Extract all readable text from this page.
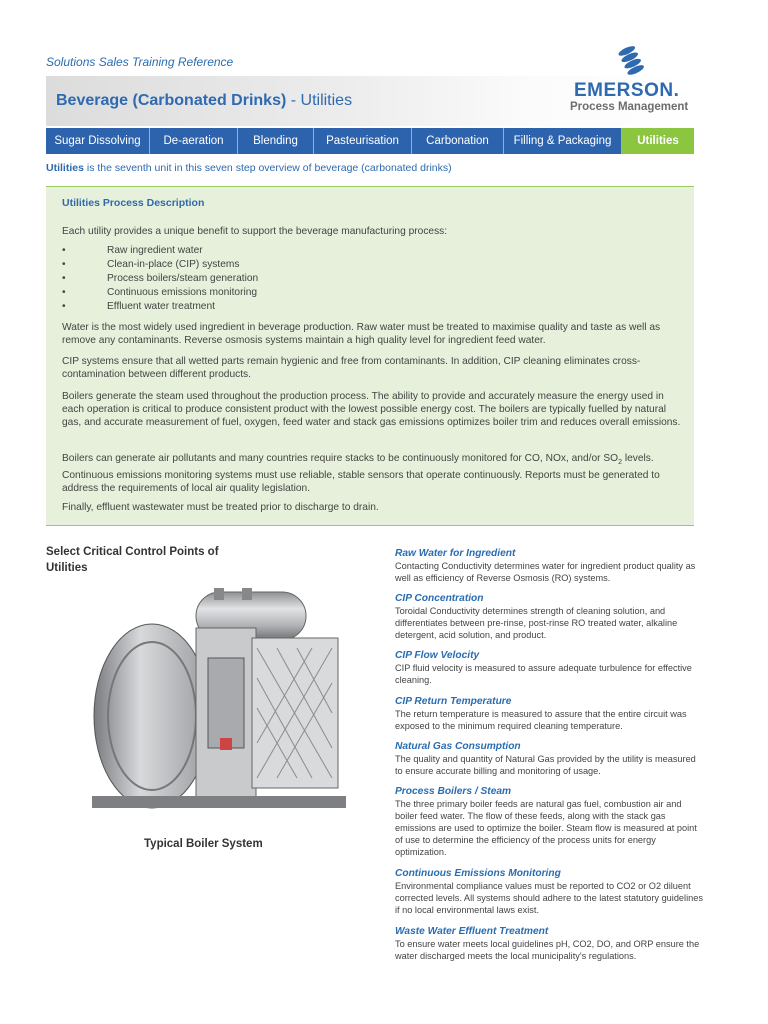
Solutions Sales Training Reference
Beverage (Carbonated Drinks) - Utilities	EMERSON.
Process Management
Sugar Dissolving	De-aeration	Blending	Pasteurisation	Carbonation	Filling & Packaging	Utilities
Utilities is the seventh unit in this seven step overview of beverage (carbonated drinks)
Utilities Process Description
Each utility provides a unique benefit to support the beverage manufacturing process:
•	Raw ingredient water
•	Clean-in-place (CIP) systems
•	Process boilers/steam generation
•	Continuous emissions monitoring
•	Effluent water treatment
Water is the most widely used ingredient in beverage production. Raw water must be treated to maximise quality and taste as well as remove any contaminants. Reverse osmosis systems maintain a high quality level for ingredient feed water.
CIP systems ensure that all wetted parts remain hygienic and free from contaminants. In addition, CIP cleaning eliminates cross-contamination between different products.
Boilers generate the steam used throughout the production process. The ability to provide and accurately measure the energy used in each operation is critical to produce consistent product with the lowest possible energy cost. The boilers are typically fuelled by natural gas, and accurate measurement of fuel, oxygen, feed water and stack gas emissions optimizes boiler trim and reduces overall emissions.
Boilers can generate air pollutants and many countries require stacks to be continuously monitored for CO, NOx, and/or $SO_2$ levels. Continuous emissions monitoring systems must use reliable, stable sensors that operate continuously. Reports must be generated to address the requirements of local air quality legislation.
Finally, effluent wastewater must be treated prior to discharge to drain.
Select Critical Control Points of Utilities
Typical Boiler System
Raw Water for Ingredient

Contacting Conductivity determines water for ingredient product quality as well as efficiency of Reverse Osmosis (RO) systems.

CIP Concentration

Toroidal Conductivity determines strength of cleaning solution, and differentiates between pre-rinse, post-rinse RO treated water, alkaline detergent, acid solution, and product.

CIP Flow Velocity

CIP fluid velocity is measured to assure adequate turbulence for effective cleaning.

CIP Return Temperature

The return temperature is measured to assure that the entire circuit was exposed to the minimum required cleaning temperature.

Natural Gas Consumption

The quality and quantity of Natural Gas provided by the utility is measured to ensure accurate billing and monitoring of usage.

Process Boilers / Steam

The three primary boiler feeds are natural gas fuel, combustion air and boiler feed water. The flow of these feeds, along with the stack gas emissions are used to optimize the boiler. Steam flow is measured at point of use to determine the efficiency of the process units for energy optimization.

Continuous Emissions Monitoring

Environmental compliance values must be reported to CO2 or O2 diluent corrected levels. All systems should adhere to the latest statutory guidelines if no local environmental laws exist.

Waste Water Effluent Treatment

To ensure water meets local guidelines pH, CO2, DO, and ORP ensure the water discharged meets the local municipality's regulations.
